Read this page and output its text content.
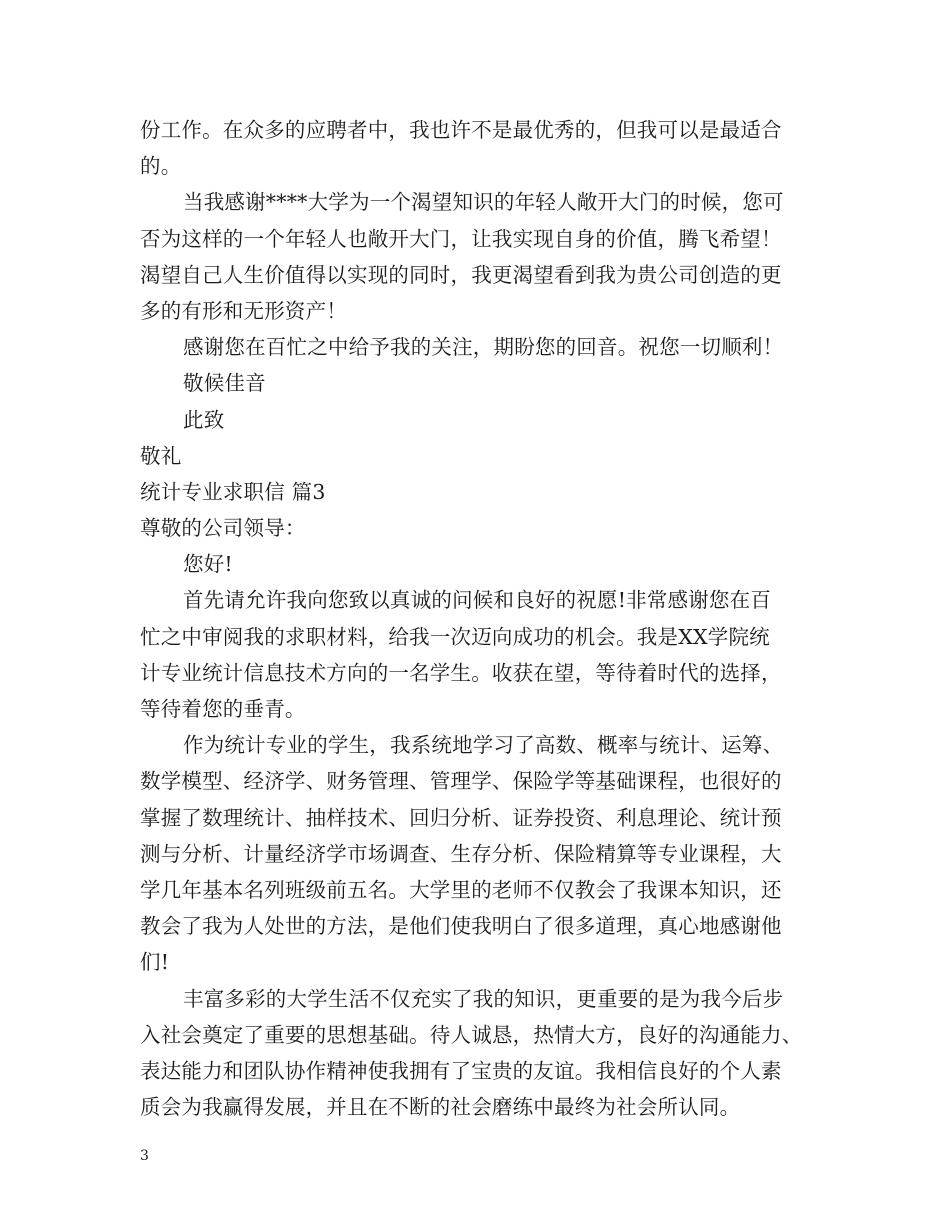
份工作。在众多的应聘者中，我也许不是最优秀的，但我可以是最适合
的。
当我感谢****大学为一个渴望知识的年轻人敞开大门的时候，您可
否为这样的一个年轻人也敞开大门，让我实现自身的价值，腾飞希望！
渴望自己人生价值得以实现的同时，我更渴望看到我为贵公司创造的更
多的有形和无形资产！
感谢您在百忙之中给予我的关注，期盼您的回音。祝您一切顺利！
敬候佳音
此致
敬礼
统计专业求职信 篇3
尊敬的公司领导：
您好!
首先请允许我向您致以真诚的问候和良好的祝愿!非常感谢您在百
忙之中审阅我的求职材料，给我一次迈向成功的机会。我是XX学院统
计专业统计信息技术方向的一名学生。收获在望，等待着时代的选择，
等待着您的垂青。
作为统计专业的学生，我系统地学习了高数、概率与统计、运筹、
数学模型、经济学、财务管理、管理学、保险学等基础课程，也很好的
掌握了数理统计、抽样技术、回归分析、证券投资、利息理论、统计预
测与分析、计量经济学市场调查、生存分析、保险精算等专业课程，大
学几年基本名列班级前五名。大学里的老师不仅教会了我课本知识，还
教会了我为人处世的方法，是他们使我明白了很多道理，真心地感谢他
们!
丰富多彩的大学生活不仅充实了我的知识，更重要的是为我今后步
入社会奠定了重要的思想基础。待人诚恳，热情大方，良好的沟通能力、
表达能力和团队协作精神使我拥有了宝贵的友谊。我相信良好的个人素
质会为我赢得发展，并且在不断的社会磨练中最终为社会所认同。
3
